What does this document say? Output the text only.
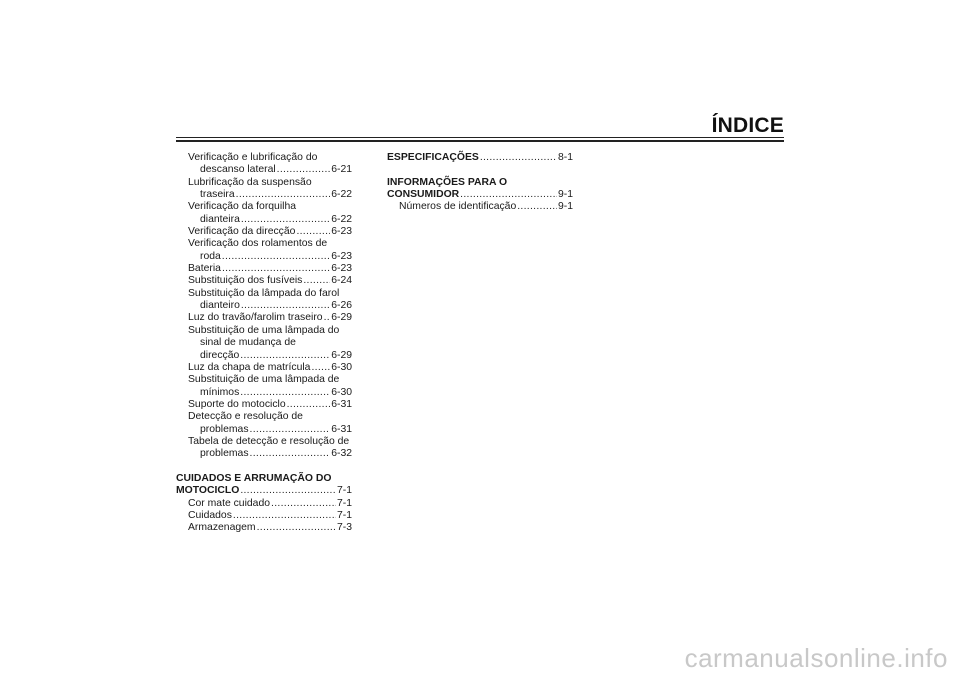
ÍNDICE
Verificação e lubrificação do
descanso lateral .....	6-21
Lubrificação da suspensão
traseira .....	6-22
Verificação da forquilha
dianteira .....	6-22
Verificação da direcção .....	6-23
Verificação dos rolamentos de
roda .....	6-23
Bateria .....	6-23
Substituição dos fusíveis .....	6-24
Substituição da lâmpada do farol
dianteiro .....	6-26
Luz do travão/farolim traseiro ..... 6-29
Substituição de uma lâmpada do
sinal de mudança de
direcção .....	6-29
Luz da chapa de matrícula ..... 6-30
Substituição de uma lâmpada de
mínimos .....	6-30
Suporte do motociclo .....	6-31
Detecção e resolução de
problemas .....	6-31
Tabela de detecção e resolução de
problemas .....	6-32
CUIDADOS E ARRUMAÇÃO DO
MOTOCICLO .....	7-1
Cor mate cuidado .....	7-1
Cuidados .....	7-1
Armazenagem .....	7-3
ESPECIFICAÇÕES .....	8-1
INFORMAÇÕES PARA O
CONSUMIDOR .....	9-1
Números de identificação .....	9-1
carmanualsonline.info
